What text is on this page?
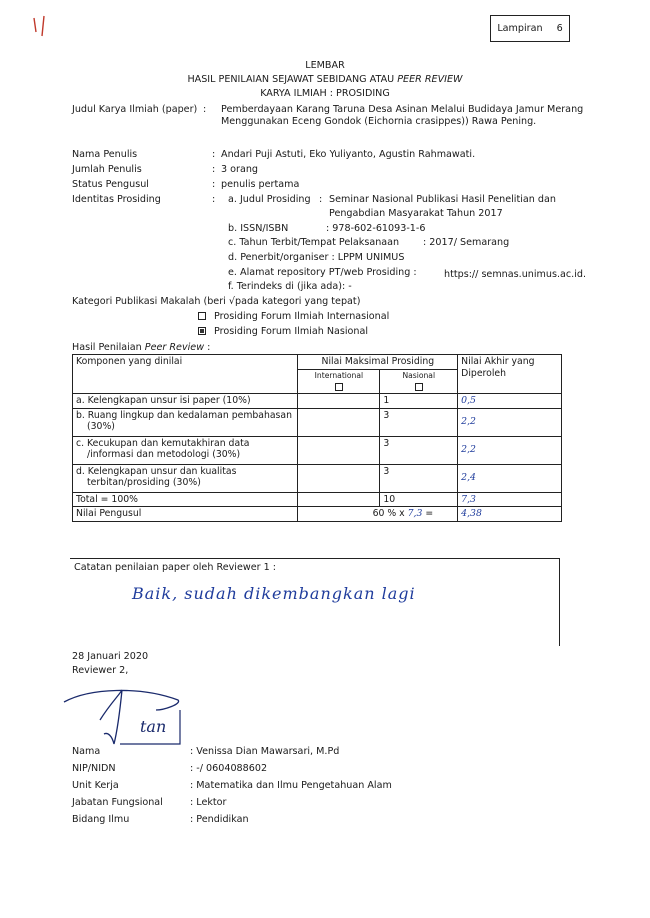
Lampiran 6
LEMBAR
HASIL PENILAIAN SEJAWAT SEBIDANG ATAU PEER REVIEW
KARYA ILMIAH : PROSIDING
Judul Karya Ilmiah (paper) : Pemberdayaan Karang Taruna Desa Asinan Melalui Budidaya Jamur Merang Menggunakan Eceng Gondok (Eichornia crasippes)) Rawa Pening.
Nama Penulis	: Andari Puji Astuti, Eko Yuliyanto, Agustin Rahmawati.
Jumlah Penulis	: 3 orang
Status Pengusul	: penulis pertama
Identitas Prosiding	:	a. Judul Prosiding : Seminar Nasional Publikasi Hasil Penelitian dan
Pengabdian Masyarakat Tahun 2017
b. ISSN/ISBN	: 978-602-61093-1-6
c. Tahun Terbit/Tempat Pelaksanaan : 2017/ Semarang
d. Penerbit/organiser : LPPM UNIMUS
e. Alamat repository PT/web Prosiding :	https:// semnas.unimus.ac.id.
f. Terindeks di (jika ada): -
Kategori Publikasi Makalah (beri √pada kategori yang tepat)
Prosiding Forum Ilmiah Internasional
Prosiding Forum Ilmiah Nasional
Hasil Penilaian Peer Review :
Komponen yang dinilai	Nilai Maksimal Prosiding		Nilai Akhir yang Diperoleh
	International	Nasional	

a. Kelengkapan unsur isi paper (10%)		1	0,5
b. Ruang lingkup dan kedalaman pembahasan (30%)		3	2,2
c. Kecukupan dan kemutakhiran data /informasi dan metodologi (30%)		3	2,2
d. Kelengkapan unsur dan kualitas terbitan/prosiding (30%)		3	2,4
Total = 100%		10	7,3
Nilai Pengusul	60 % x 7,3 =		4,38
Catatan penilaian paper oleh Reviewer 1 :
Baik, sudah dikembangkan lagi
28 Januari 2020
Reviewer 2,
tan
Nama	: Venissa Dian Mawarsari, M.Pd
NIP/NIDN	: -/ 0604088602
Unit Kerja	: Matematika dan Ilmu Pengetahuan Alam
Jabatan Fungsional	: Lektor
Bidang Ilmu	: Pendidikan
